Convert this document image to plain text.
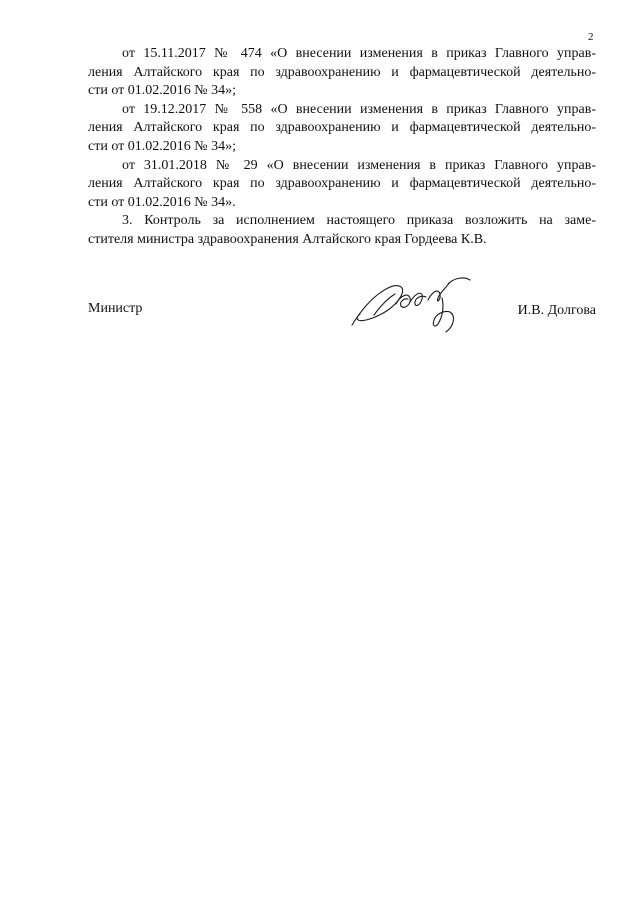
2
от 15.11.2017 № 474 «О внесении изменения в приказ Главного управ-
ления Алтайского края по здравоохранению и фармацевтической деятельно-
сти от 01.02.2016 № 34»;
от 19.12.2017 № 558 «О внесении изменения в приказ Главного управ-
ления Алтайского края по здравоохранению и фармацевтической деятельно-
сти от 01.02.2016 № 34»;
от 31.01.2018 № 29 «О внесении изменения в приказ Главного управ-
ления Алтайского края по здравоохранению и фармацевтической деятельно-
сти от 01.02.2016 № 34».
3. Контроль за исполнением настоящего приказа возложить на заме-
стителя министра здравоохранения Алтайского края Гордеева К.В.
Министр	И.В. Долгова
